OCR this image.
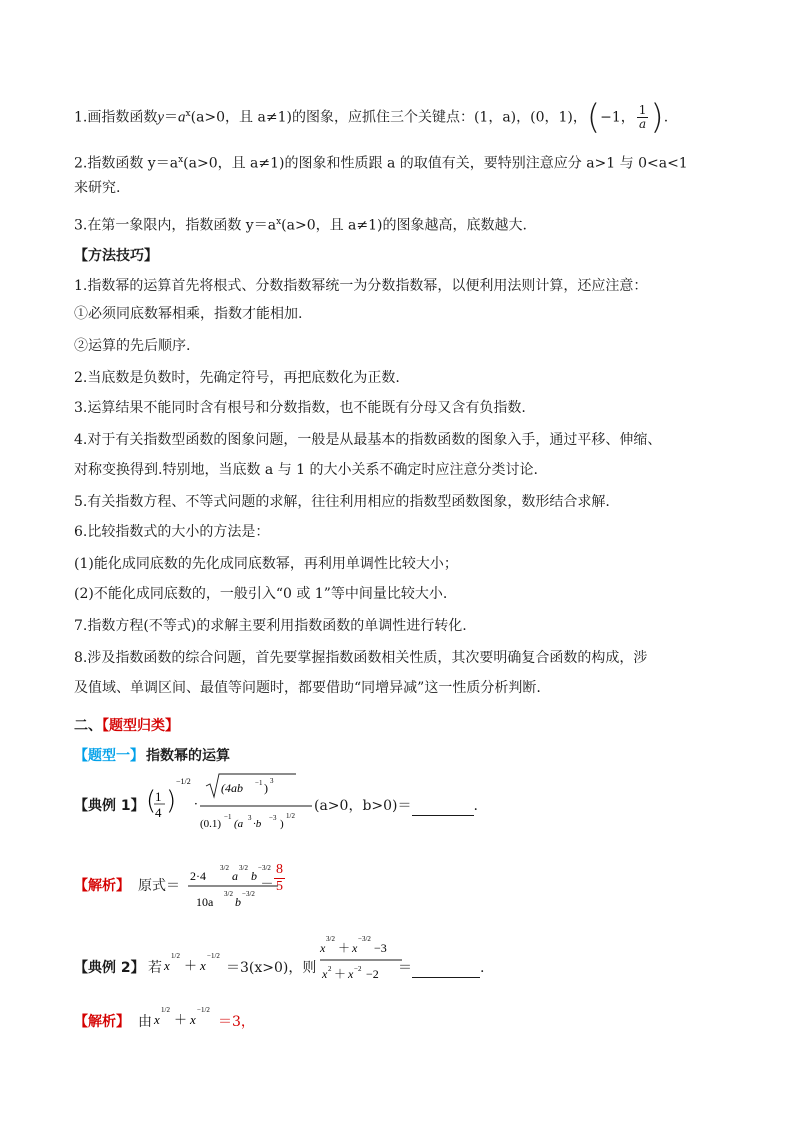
1.画指数函数$y=a^x(a>0$，且 a≠1)的图象，应抓住三个关键点：(1，a)，(0，1)，(−1， $\frac{1}{a}$ ).
2.指数函数 $y=a^x(a>0$，且 a≠1)的图象和性质跟 a 的取值有关，要特别注意应分 a>1 与 0<a<1
来研究.
3.在第一象限内，指数函数 $y=a^x(a>0$，且 a≠1)的图象越高，底数越大.
【方法技巧】
1.指数幂的运算首先将根式、分数指数幂统一为分数指数幂，以便利用法则计算，还应注意：
①必须同底数幂相乘，指数才能相加.
②运算的先后顺序.
2.当底数是负数时，先确定符号，再把底数化为正数.
3.运算结果不能同时含有根号和分数指数，也不能既有分母又含有负指数.
4.对于有关指数型函数的图象问题，一般是从最基本的指数函数的图象入手，通过平移、伸缩、
对称变换得到.特别地，当底数 a 与 1 的大小关系不确定时应注意分类讨论.
5.有关指数方程、不等式问题的求解，往往利用相应的指数型函数图象，数形结合求解.
6.比较指数式的大小的方法是：
(1)能化成同底数的先化成同底数幂，再利用单调性比较大小；
(2)不能化成同底数的，一般引入“0 或 1”等中间量比较大小.
7.指数方程(不等式)的求解主要利用指数函数的单调性进行转化.
8.涉及指数函数的综合问题，首先要掌握指数函数相关性质，其次要明确复合函数的构成，涉
及值域、单调区间、最值等问题时，都要借助“同增异减”这一性质分析判断.
二、【题型归类】
【题型一】 指数幂的运算
【典例 1】 (
1
4 )
−1/2
·
(4ab −1 ) 3
(0.1)
−1
(a 3 ·b −3 )
1/2
(a>0，b>0)＝	.
【解析】 原式＝
2·4
3/2
a
3/2
b
−3/2
10a
3/2
b
−3/2 ＝
8
5
【典例 2】 若 x
1/2
＋ x
−1/2
＝3(x>0)，则
x
3/2
＋ x
−3/2
−3
x 2 ＋ x −2 −2 ＝	.
【解析】 由 x
1/2
＋ x
−1/2
＝3，
